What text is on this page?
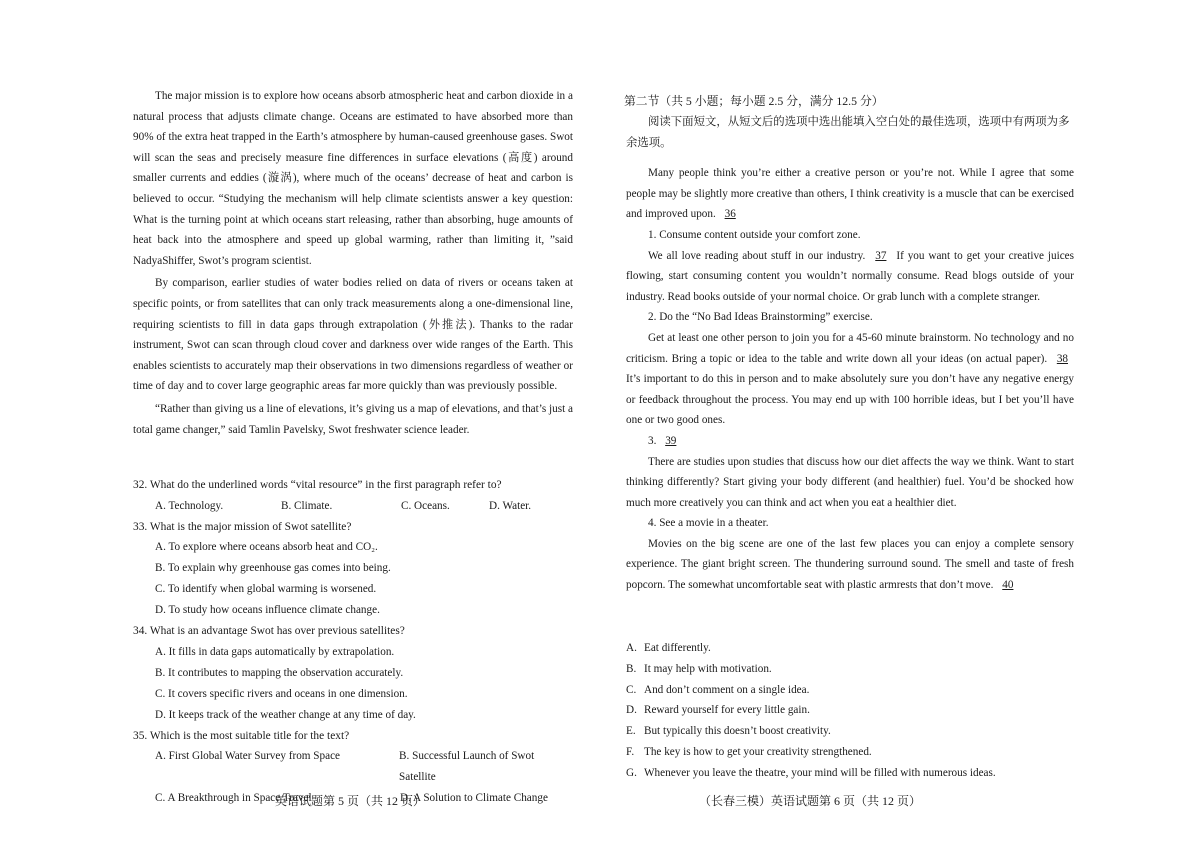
The major mission is to explore how oceans absorb atmospheric heat and carbon dioxide in a natural process that adjusts climate change. Oceans are estimated to have absorbed more than 90% of the extra heat trapped in the Earth’s atmosphere by human-caused greenhouse gases. Swot will scan the seas and precisely measure fine differences in surface elevations (高度) around smaller currents and eddies (漩涡), where much of the oceans’ decrease of heat and carbon is believed to occur. “Studying the mechanism will help climate scientists answer a key question: What is the turning point at which oceans start releasing, rather than absorbing, huge amounts of heat back into the atmosphere and speed up global warming, rather than limiting it, ”said NadyaShiffer, Swot’s program scientist.

By comparison, earlier studies of water bodies relied on data of rivers or oceans taken at specific points, or from satellites that can only track measurements along a one-dimensional line, requiring scientists to fill in data gaps through extrapolation (外推法). Thanks to the radar instrument, Swot can scan through cloud cover and darkness over wide ranges of the Earth. This enables scientists to accurately map their observations in two dimensions regardless of weather or time of day and to cover large geographic areas far more quickly than was previously possible.

“Rather than giving us a line of elevations, it’s giving us a map of elevations, and that’s just a total game changer,” said Tamlin Pavelsky, Swot freshwater science leader.

32. What do the underlined words “vital resource” in the first paragraph refer to?

A. Technology.	B. Climate.	C. Oceans.	D. Water.

33. What is the major mission of Swot satellite?

A. To explore where oceans absorb heat and CO₂.

B. To explain why greenhouse gas comes into being.

C. To identify when global warming is worsened.

D. To study how oceans influence climate change.

34. What is an advantage Swot has over previous satellites?

A. It fills in data gaps automatically by extrapolation.

B. It contributes to mapping the observation accurately.

C. It covers specific rivers and oceans in one dimension.

D. It keeps track of the weather change at any time of day.

35. Which is the most suitable title for the text?

A. First Global Water Survey from Space	B. Successful Launch of Swot Satellite
C. A Breakthrough in Space Travel	D. A Solution to Climate Change
英语试题第 5 页（共 12 页）

第二节（共 5 小题；每小题 2.5 分，满分 12.5 分）

阅读下面短文，从短文后的选项中选出能填入空白处的最佳选项，选项中有两项为多余选项。

Many people think you’re either a creative person or you’re not. While I agree that some people may be slightly more creative than others, I think creativity is a muscle that can be exercised and improved upon. 36

1. Consume content outside your comfort zone.

We all love reading about stuff in our industry. 37 If you want to get your creative juices flowing, start consuming content you wouldn’t normally consume. Read blogs outside of your industry. Read books outside of your normal choice. Or grab lunch with a complete stranger.

2. Do the “No Bad Ideas Brainstorming” exercise.

Get at least one other person to join you for a 45-60 minute brainstorm. No technology and no criticism. Bring a topic or idea to the table and write down all your ideas (on actual paper). 38 It’s important to do this in person and to make absolutely sure you don’t have any negative energy or feedback throughout the process. You may end up with 100 horrible ideas, but I bet you’ll have one or two good ones.

3. 39

There are studies upon studies that discuss how our diet affects the way we think. Want to start thinking differently? Start giving your body different (and healthier) fuel. You’d be shocked how much more creatively you can think and act when you eat a healthier diet.

4. See a movie in a theater.

Movies on the big scene are one of the last few places you can enjoy a complete sensory experience. The giant bright screen. The thundering surround sound. The smell and taste of fresh popcorn. The somewhat uncomfortable seat with plastic armrests that don’t move. 40

A. Eat differently.
B. It may help with motivation.
C. And don’t comment on a single idea.
D. Reward yourself for every little gain.
E. But typically this doesn’t boost creativity.
F. The key is how to get your creativity strengthened.
G. Whenever you leave the theatre, your mind will be filled with numerous ideas.
（长春三模）英语试题第 6 页（共 12 页）
